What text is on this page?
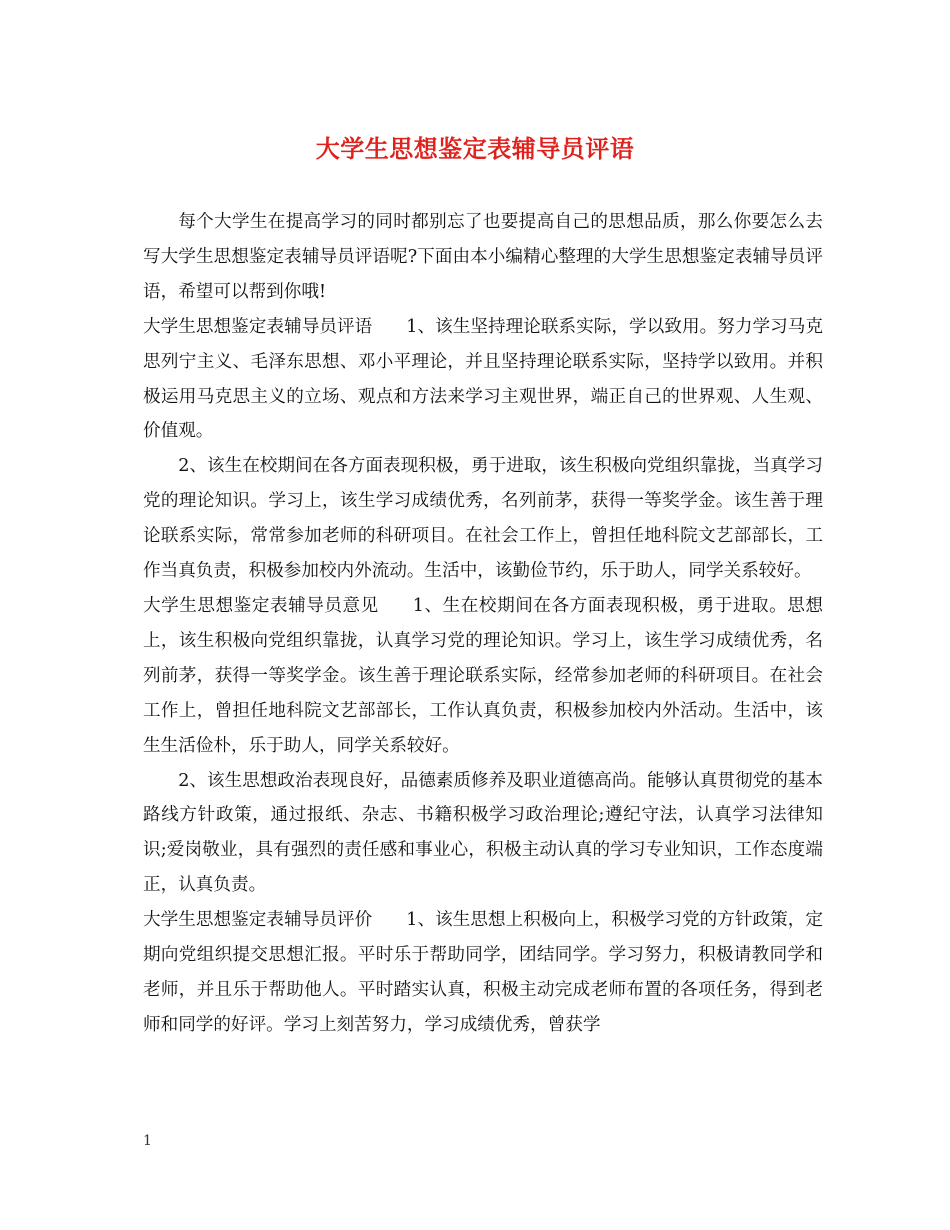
大学生思想鉴定表辅导员评语

每个大学生在提高学习的同时都别忘了也要提高自己的思想品质，那么你要怎么去写大学生思想鉴定表辅导员评语呢?下面由本小编精心整理的大学生思想鉴定表辅导员评语，希望可以帮到你哦!

大学生思想鉴定表辅导员评语 1、该生坚持理论联系实际，学以致用。努力学习马克思列宁主义、毛泽东思想、邓小平理论，并且坚持理论联系实际，坚持学以致用。并积极运用马克思主义的立场、观点和方法来学习主观世界，端正自己的世界观、人生观、价值观。

2、该生在校期间在各方面表现积极，勇于进取，该生积极向党组织靠拢，当真学习党的理论知识。学习上，该生学习成绩优秀，名列前茅，获得一等奖学金。该生善于理论联系实际，常常参加老师的科研项目。在社会工作上，曾担任地科院文艺部部长，工作当真负责，积极参加校内外流动。生活中，该勤俭节约，乐于助人，同学关系较好。

大学生思想鉴定表辅导员意见 1、生在校期间在各方面表现积极，勇于进取。思想上，该生积极向党组织靠拢，认真学习党的理论知识。学习上，该生学习成绩优秀，名列前茅，获得一等奖学金。该生善于理论联系实际，经常参加老师的科研项目。在社会工作上，曾担任地科院文艺部部长，工作认真负责，积极参加校内外活动。生活中，该生生活俭朴，乐于助人，同学关系较好。

2、该生思想政治表现良好，品德素质修养及职业道德高尚。能够认真贯彻党的基本路线方针政策，通过报纸、杂志、书籍积极学习政治理论;遵纪守法，认真学习法律知识;爱岗敬业，具有强烈的责任感和事业心，积极主动认真的学习专业知识，工作态度端正，认真负责。

大学生思想鉴定表辅导员评价 1、该生思想上积极向上，积极学习党的方针政策，定期向党组织提交思想汇报。平时乐于帮助同学，团结同学。学习努力，积极请教同学和老师，并且乐于帮助他人。平时踏实认真，积极主动完成老师布置的各项任务，得到老师和同学的好评。学习上刻苦努力，学习成绩优秀，曾获学

1
